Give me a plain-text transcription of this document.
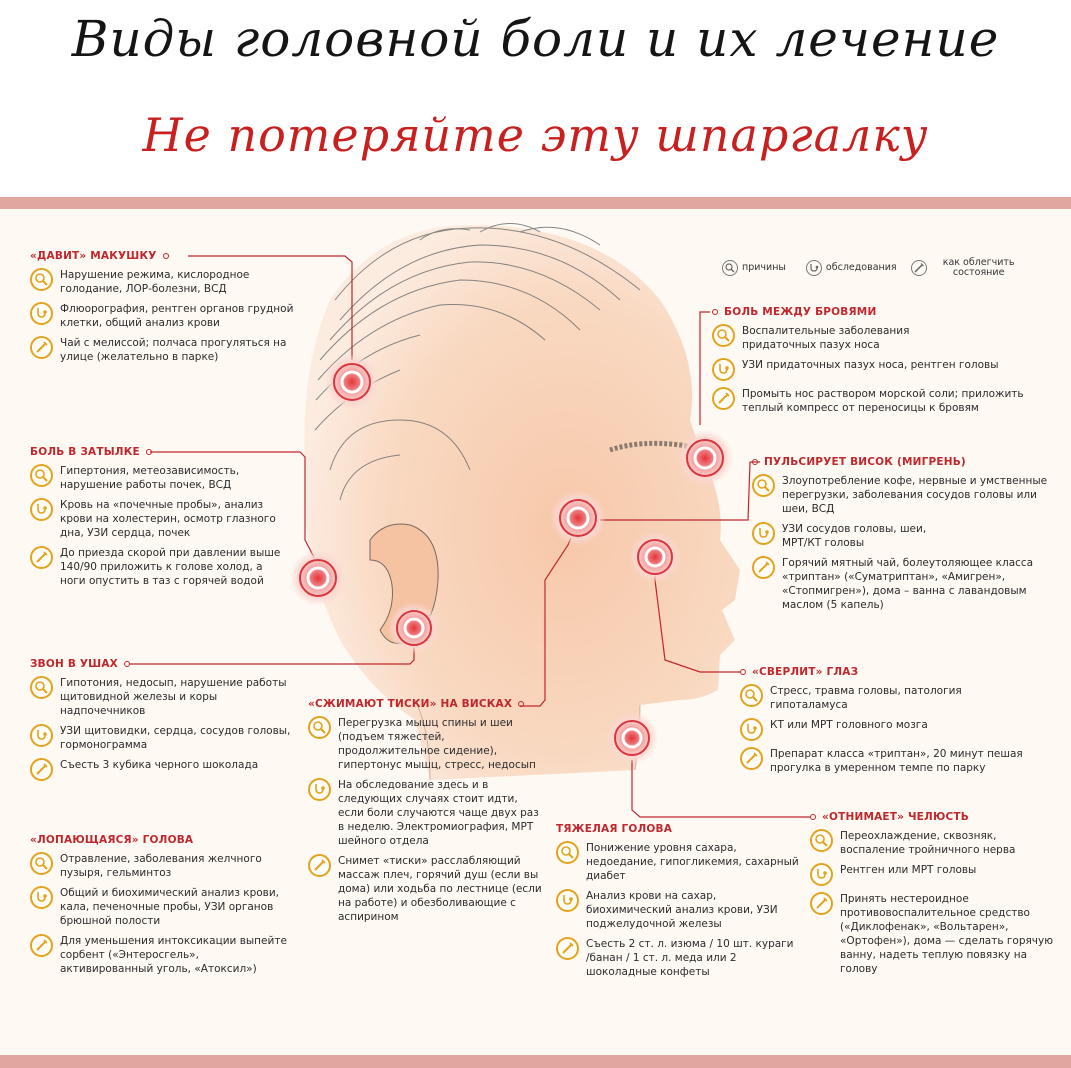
Виды головной боли и их лечение
Не потеряйте эту шпаргалку
причины	обследования	как облегчить состояние
«ДАВИТ» МАКУШКУ
Нарушение режима, кислородное голодание, ЛОР-болезни, ВСД
Флюорография, рентген органов грудной клетки, общий анализ крови
Чай с мелиссой; полчаса прогуляться на улице (желательно в парке)
БОЛЬ В ЗАТЫЛКЕ
Гипертония, метеозависимость, нарушение работы почек, ВСД
Кровь на «почечные пробы», анализ крови на холестерин, осмотр глазного дна, УЗИ сердца, почек
До приезда скорой при давлении выше 140/90 приложить к голове холод, а ноги опустить в таз с горячей водой
ЗВОН В УШАХ
Гипотония, недосып, нарушение работы щитовидной железы и коры надпочечников
УЗИ щитовидки, сердца, сосудов головы, гормонограмма
Съесть 3 кубика черного шоколада
«ЛОПАЮЩАЯСЯ» ГОЛОВА
Отравление, заболевания желчного пузыря, гельминтоз
Общий и биохимический анализ крови, кала, печеночные пробы, УЗИ органов брюшной полости
Для уменьшения интоксикации выпейте сорбент («Энтеросгель», активированный уголь, «Атоксил»)
«СЖИМАЮТ ТИСКИ» НА ВИСКАХ
Перегрузка мышц спины и шеи (подъем тяжестей, продолжительное сидение), гипертонус мышц, стресс, недосып
На обследование здесь и в следующих случаях стоит идти, если боли случаются чаще двух раз в неделю. Электромиография, МРТ шейного отдела
Снимет «тиски» расслабляющий массаж плеч, горячий душ (если вы дома) или ходьба по лестнице (если на работе) и обезболивающие с аспирином
ТЯЖЕЛАЯ ГОЛОВА
Понижение уровня сахара, недоедание, гипогликемия, сахарный диабет
Анализ крови на сахар, биохимический анализ крови, УЗИ поджелудочной железы
Съесть 2 ст. л. изюма / 10 шт. кураги /банан / 1 ст. л. меда или 2 шоколадные конфеты
БОЛЬ МЕЖДУ БРОВЯМИ
Воспалительные заболевания придаточных пазух носа
УЗИ придаточных пазух носа, рентген головы
Промыть нос раствором морской соли; приложить теплый компресс от переносицы к бровям
ПУЛЬСИРУЕТ ВИСОК (МИГРЕНЬ)
Злоупотребление кофе, нервные и умственные перегрузки, заболевания сосудов головы или шеи, ВСД
УЗИ сосудов головы, шеи, МРТ/КТ головы
Горячий мятный чай, болеутоляющее класса «триптан» («Суматриптан», «Амигрен», «Стопмигрен»), дома – ванна с лавандовым маслом (5 капель)
«СВЕРЛИТ» ГЛАЗ
Стресс, травма головы, патология гипоталамуса
КТ или МРТ головного мозга
Препарат класса «триптан», 20 минут пешая прогулка в умеренном темпе по парку
«ОТНИМАЕТ» ЧЕЛЮСТЬ
Переохлаждение, сквозняк, воспаление тройничного нерва
Рентген или МРТ головы
Принять нестероидное противовоспалительное средство («Диклофенак», «Вольтарен», «Ортофен»), дома — сделать горячую ванну, надеть теплую повязку на голову
